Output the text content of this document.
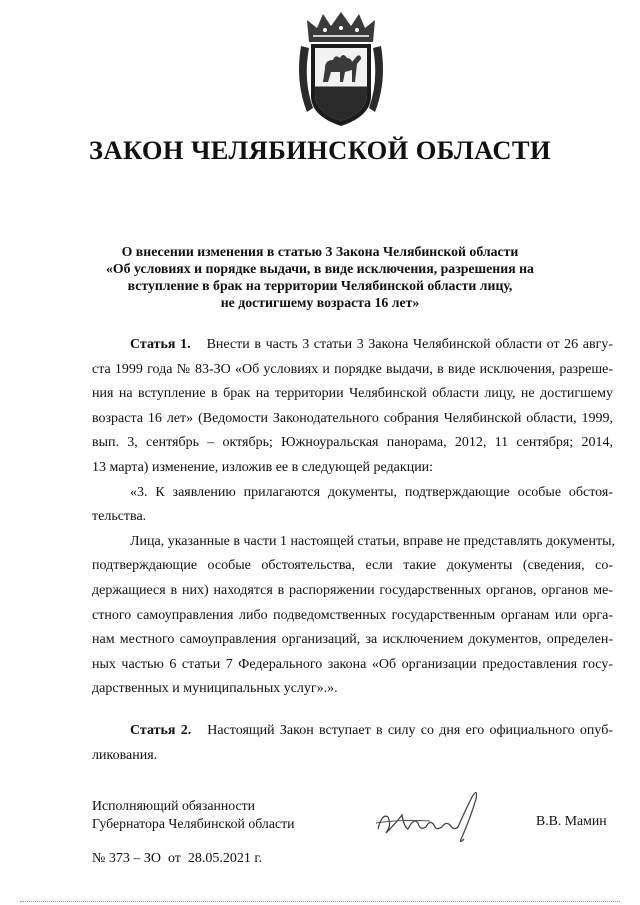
ЗАКОН ЧЕЛЯБИНСКОЙ ОБЛАСТИ
О внесении изменения в статью 3 Закона Челябинской области
«Об условиях и порядке выдачи, в виде исключения, разрешения на
вступление в брак на территории Челябинской области лицу,
не достигшему возраста 16 лет»
Статья 1. Внести в часть 3 статьи 3 Закона Челябинской области от 26 авгу-
ста 1999 года № 83-ЗО «Об условиях и порядке выдачи, в виде исключения, разреше-
ния на вступление в брак на территории Челябинской области лицу, не достигшему
возраста 16 лет» (Ведомости Законодательного собрания Челябинской области, 1999,
вып. 3, сентябрь – октябрь; Южноуральская панорама, 2012, 11 сентября; 2014,
13 марта) изменение, изложив ее в следующей редакции:
«3. К заявлению прилагаются документы, подтверждающие особые обстоя-
тельства.
Лица, указанные в части 1 настоящей статьи, вправе не представлять документы,
подтверждающие особые обстоятельства, если такие документы (сведения, со-
держащиеся в них) находятся в распоряжении государственных органов, органов ме-
стного самоуправления либо подведомственных государственным органам или орга-
нам местного самоуправления организаций, за исключением документов, определен-
ных частью 6 статьи 7 Федерального закона «Об организации предоставления госу-
дарственных и муниципальных услуг».».
Статья 2. Настоящий Закон вступает в силу со дня его официального опуб-
ликования.
Исполняющий обязанности
Губернатора Челябинской области	В.В. Мамин
№ 373 – ЗО  от  28.05.2021 г.
